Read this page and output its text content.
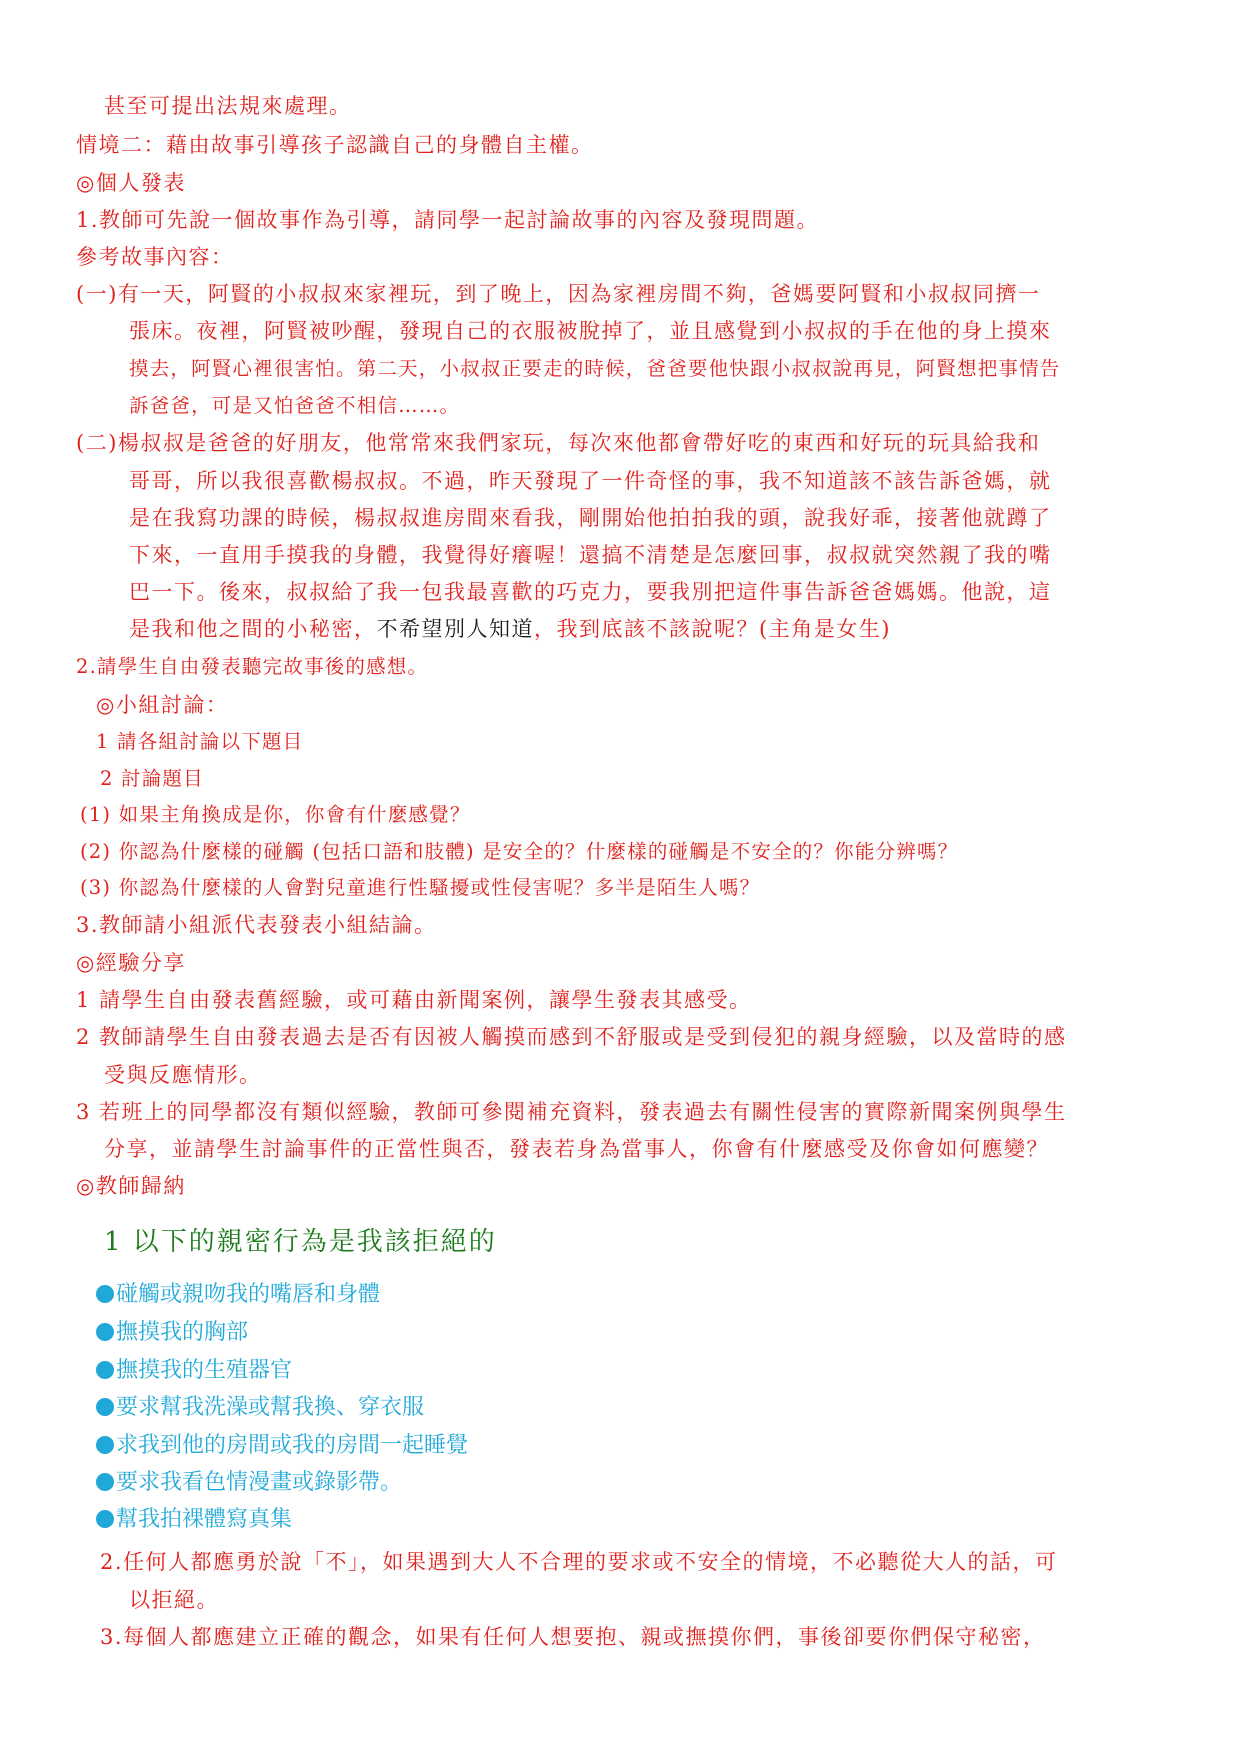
甚至可提出法規來處理。
情境二：藉由故事引導孩子認識自己的身體自主權。
◎個人發表
1.教師可先說一個故事作為引導，請同學一起討論故事的內容及發現問題。
參考故事內容：
(一)有一天，阿賢的小叔叔來家裡玩，到了晚上，因為家裡房間不夠，爸媽要阿賢和小叔叔同擠一
張床。夜裡，阿賢被吵醒，發現自己的衣服被脫掉了，並且感覺到小叔叔的手在他的身上摸來
摸去，阿賢心裡很害怕。第二天，小叔叔正要走的時候，爸爸要他快跟小叔叔說再見，阿賢想把事情告
訴爸爸，可是又怕爸爸不相信……。
(二)楊叔叔是爸爸的好朋友，他常常來我們家玩，每次來他都會帶好吃的東西和好玩的玩具給我和
哥哥，所以我很喜歡楊叔叔。不過，昨天發現了一件奇怪的事，我不知道該不該告訴爸媽，就
是在我寫功課的時候，楊叔叔進房間來看我，剛開始他拍拍我的頭，說我好乖，接著他就蹲了
下來，一直用手摸我的身體，我覺得好癢喔！還搞不清楚是怎麼回事，叔叔就突然親了我的嘴
巴一下。後來，叔叔給了我一包我最喜歡的巧克力，要我別把這件事告訴爸爸媽媽。他說，這
是我和他之間的小秘密，不希望別人知道，我到底該不該說呢？(主角是女生)
2.請學生自由發表聽完故事後的感想。
◎小組討論：
1 請各組討論以下題目
2 討論題目
(1) 如果主角換成是你，你會有什麼感覺？
(2) 你認為什麼樣的碰觸 (包括口語和肢體) 是安全的？什麼樣的碰觸是不安全的？你能分辨嗎？
(3) 你認為什麼樣的人會對兒童進行性騷擾或性侵害呢？多半是陌生人嗎？
3.教師請小組派代表發表小組結論。
◎經驗分享
1 請學生自由發表舊經驗，或可藉由新聞案例，讓學生發表其感受。
2 教師請學生自由發表過去是否有因被人觸摸而感到不舒服或是受到侵犯的親身經驗，以及當時的感
受與反應情形。
3 若班上的同學都沒有類似經驗，教師可參閱補充資料，發表過去有關性侵害的實際新聞案例與學生
分享，並請學生討論事件的正當性與否，發表若身為當事人，你會有什麼感受及你會如何應變？
◎教師歸納
1 以下的親密行為是我該拒絕的
碰觸或親吻我的嘴唇和身體
撫摸我的胸部
撫摸我的生殖器官
要求幫我洗澡或幫我換、穿衣服
求我到他的房間或我的房間一起睡覺
要求我看色情漫畫或錄影帶。
幫我拍裸體寫真集
2.任何人都應勇於說「不」，如果遇到大人不合理的要求或不安全的情境，不必聽從大人的話，可
以拒絕。
3.每個人都應建立正確的觀念，如果有任何人想要抱、親或撫摸你們，事後卻要你們保守秘密，
